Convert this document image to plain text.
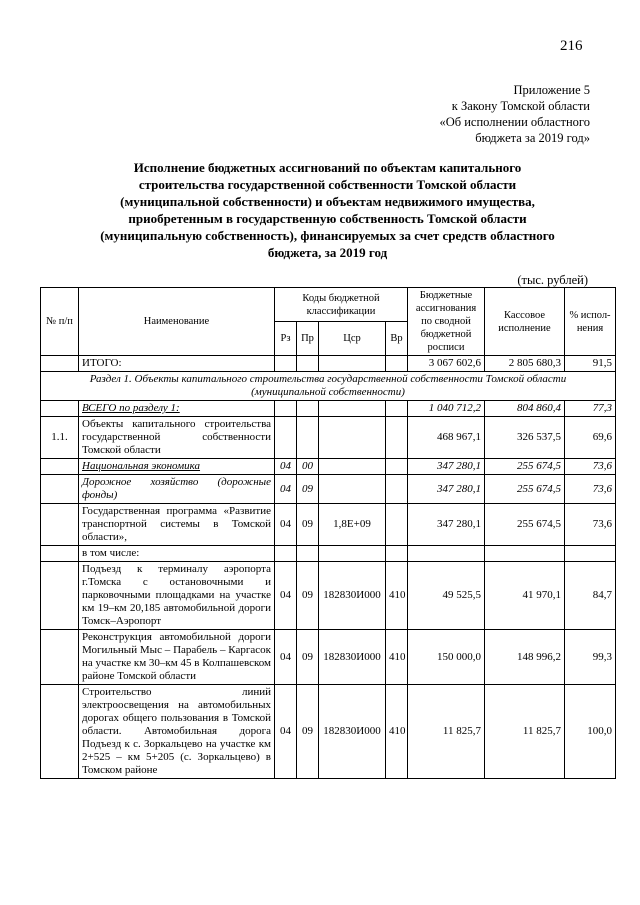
216
Приложение 5
к Закону Томской области
«Об исполнении областного
бюджета за 2019 год»
Исполнение бюджетных ассигнований по объектам капитального
строительства государственной собственности Томской области
(муниципальной собственности) и объектам недвижимого имущества,
приобретенным в государственную собственность Томской области
(муниципальную собственность), финансируемых за счет средств областного
бюджета, за 2019 год
(тыс. рублей)
№ п/п	Наименование	Коды бюджетной классификации				Бюджетные ассигнования по сводной бюджетной росписи	Кассовое исполнение	% испол-нения
		Рз	Пр	Цср	Вр			
	ИТОГО:					3 067 602,6	2 805 680,3	91,5

Раздел 1. Объекты капитального строительства государственной собственности Томской области
(муниципальной собственности)								

	ВСЕГО по разделу 1:					1 040 712,2	804 860,4	77,3
1.1.	Объекты капитального строительства государственной собственности Томской области					468 967,1	326 537,5	69,6
	Национальная экономика	04	00			347 280,1	255 674,5	73,6
	Дорожное хозяйство (дорожные фонды)	04	09			347 280,1	255 674,5	73,6
	Государственная программа «Развитие транспортной системы в Томской области»,	04	09	1,8E+09		347 280,1	255 674,5	73,6
	в том числе:							
	Подъезд к терминалу аэропорта г.Томска с остановочными и парковочными площадками на участке км 19–км 20,185 автомобильной дороги Томск–Аэропорт	04	09	182830И000	410	49 525,5	41 970,1	84,7
	Реконструкция автомобильной дороги Могильный Мыс – Парабель – Каргасок на участке км 30–км 45 в Колпашевском районе Томской области	04	09	182830И000	410	150 000,0	148 996,2	99,3
	Строительство линий электроосвещения на автомобильных дорогах общего пользования в Томской области. Автомобильная дорога Подъезд к с. Зоркальцево на участке км 2+525 – км 5+205 (с. Зоркальцево) в Томском районе	04	09	182830И000	410	11 825,7	11 825,7	100,0
